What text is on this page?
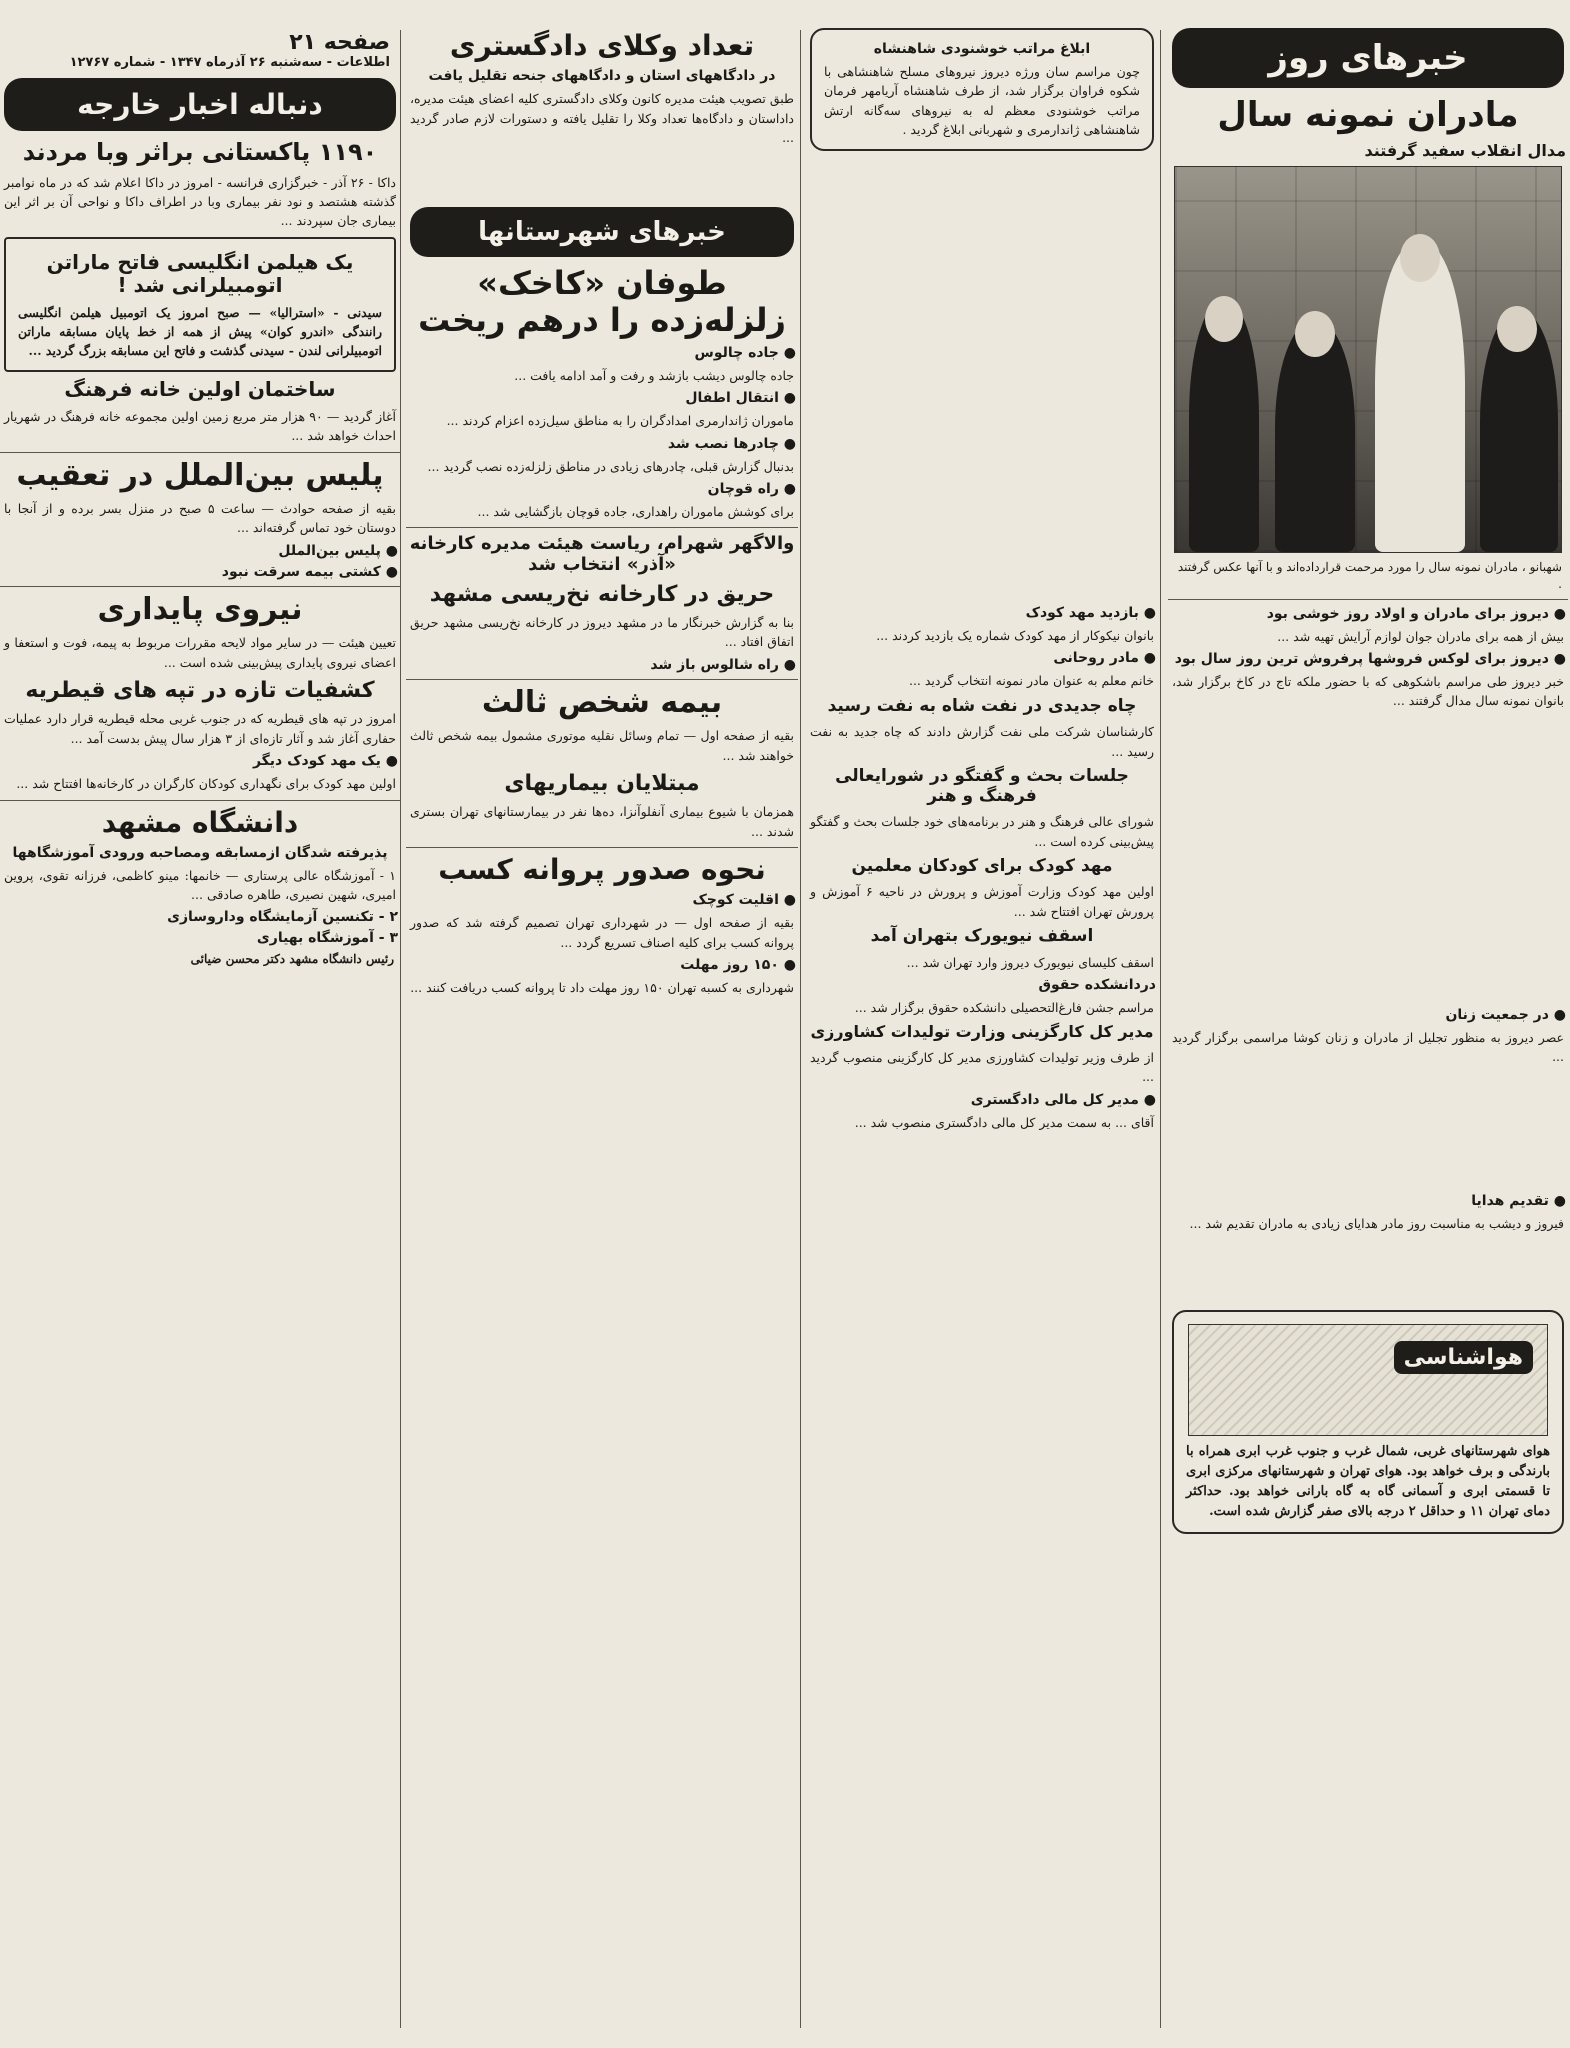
خبرهای روز
مادران نمونه سال
مدال انقلاب سفید گرفتند
شهبانو ، مادران نمونه سال را مورد مرحمت قرارداده‌اند و با آنها عکس گرفتند .
● دیروز برای مادران و اولاد روز خوشی بود
بیش از همه برای مادران جوان لوازم آرایش تهیه شد ...
● دیروز برای لوکس فروشها پرفروش ترین روز سال بود
خبر دیروز طی مراسم باشکوهی که با حضور ملکه تاج در کاخ برگزار شد، بانوان نمونه سال مدال گرفتند ...
● در جمعیت زنان
عصر دیروز به منظور تجلیل از مادران و زنان کوشا مراسمی برگزار گردید ...
● تقدیم هدایا
فیروز و دیشب به مناسبت روز مادر هدایای زیادی به مادران تقدیم شد ...
هواشناسی
هوای شهرستانهای غربی، شمال غرب و جنوب غرب ابری همراه با بارندگی و برف خواهد بود. هوای تهران و شهرستانهای مرکزی ابری تا قسمتی ابری و آسمانی گاه به گاه بارانی خواهد بود. حداکثر دمای تهران ۱۱ و حداقل ۲ درجه بالای صفر گزارش شده است.
ابلاغ مراتب خوشنودی شاهنشاه
چون مراسم سان ورژه دیروز نیروهای مسلح شاهنشاهی با شکوه فراوان برگزار شد، از طرف شاهنشاه آریامهر فرمان مراتب خوشنودی معظم له به نیروهای سه‌گانه ارتش شاهنشاهی ژاندارمری و شهربانی ابلاغ گردید .
● بازدید مهد کودک
بانوان نیکوکار از مهد کودک شماره یک بازدید کردند ...
● مادر روحانی
خانم معلم به عنوان مادر نمونه انتخاب گردید ...
چاه جدیدی در نفت شاه به نفت رسید
کارشناسان شرکت ملی نفت گزارش دادند که چاه جدید به نفت رسید ...
جلسات بحث و گفتگو در شورایعالی فرهنگ و هنر
شورای عالی فرهنگ و هنر در برنامه‌های خود جلسات بحث و گفتگو پیش‌بینی کرده است ...
مهد کودک برای کودکان معلمین
اولین مهد کودک وزارت آموزش و پرورش در ناحیه ۶ آموزش و پرورش تهران افتتاح شد ...
اسقف نیویورک بتهران آمد
اسقف کلیسای نیویورک دیروز وارد تهران شد ...
دردانشکده حقوق
مراسم جشن فارغ‌التحصیلی دانشکده حقوق برگزار شد ...
مدیر کل کارگزینی وزارت تولیدات کشاورزی
از طرف وزیر تولیدات کشاورزی مدیر کل کارگزینی منصوب گردید ...
● مدیر کل مالی دادگستری
آقای ... به سمت مدیر کل مالی دادگستری منصوب شد ...
تعداد وکلای دادگستری
در دادگاههای استان و دادگاههای جنحه تقلیل یافت
طبق تصویب هیئت مدیره کانون وکلای دادگستری کلیه اعضای هیئت مدیره، داداستان و دادگاه‌ها تعداد وکلا را تقلیل یافته و دستورات لازم صادر گردید ...
خبرهای شهرستانها
طوفان «کاخک» زلزله‌زده را درهم ریخت
● جاده چالوس
جاده چالوس دیشب بازشد و رفت و آمد ادامه یافت ...
● انتقال اطفال
ماموران ژاندارمری امدادگران را به مناطق سیل‌زده اعزام کردند ...
● چادرها نصب شد
بدنبال گزارش قبلی، چادرهای زیادی در مناطق زلزله‌زده نصب گردید ...
● راه قوچان
برای کوشش ماموران راهداری، جاده قوچان بازگشایی شد ...
والاگهر شهرام، ریاست هیئت مدیره کارخانه «آذر» انتخاب شد
حریق در کارخانه نخ‌ریسی مشهد
بنا به گزارش خبرنگار ما در مشهد دیروز در کارخانه نخ‌ریسی مشهد حریق اتفاق افتاد ...
● راه شالوس باز شد
بیمه شخص ثالث
بقیه از صفحه اول — تمام وسائل نقلیه موتوری مشمول بیمه شخص ثالث خواهند شد ...
مبتلایان بیماریهای
همزمان با شیوع بیماری آنفلوآنزا، ده‌ها نفر در بیمارستانهای تهران بستری شدند ...
نحوه صدور پروانه کسب
● اقلیت کوچک
بقیه از صفحه اول — در شهرداری تهران تصمیم گرفته شد که صدور پروانه کسب برای کلیه اصناف تسریع گردد ...
● ۱۵۰ روز مهلت
شهرداری به کسبه تهران ۱۵۰ روز مهلت داد تا پروانه کسب دریافت کنند ...
صفحه ۲۱
اطلاعات - سه‌شنبه ۲۶ آذرماه ۱۳۴۷ - شماره ۱۲۷۶۷
دنباله اخبار خارجه
۱۱۹۰ پاکستانی براثر وبا مردند
داکا - ۲۶ آذر - خبرگزاری فرانسه - امروز در داکا اعلام شد که در ماه نوامبر گذشته هشتصد و نود نفر بیماری وبا در اطراف داکا و نواحی آن بر اثر این بیماری جان سپردند ...
یک هیلمن انگلیسی فاتح ماراتن اتومبیلرانی شد !
سیدنی - «استرالیا» — صبح امروز یک اتومبیل هیلمن انگلیسی رانندگی «اندرو کوان» پیش از همه از خط پایان مسابقه ماراتن اتومبیلرانی لندن - سیدنی گذشت و فاتح این مسابقه بزرگ گردید ...
ساختمان اولین خانه فرهنگ
آغاز گردید — ۹۰ هزار متر مربع زمین اولین مجموعه خانه فرهنگ در شهریار احداث خواهد شد ...
پلیس بین‌الملل در تعقیب
بقیه از صفحه حوادث — ساعت ۵ صبح در منزل بسر برده و از آنجا با دوستان خود تماس گرفته‌اند ...
● پلیس بین‌الملل
● کشتی بیمه سرقت نبود
نیروی پایداری
تعیین هیئت — در سایر مواد لایحه مقررات مربوط به پیمه، فوت و استعفا و اعضای نیروی پایداری پیش‌بینی شده است ...
کشفیات تازه در تپه های قیطریه
امروز در تپه های قیطریه که در جنوب غربی محله قیطریه قرار دارد عملیات حفاری آغاز شد و آثار تازه‌ای از ۳ هزار سال پیش بدست آمد ...
● یک مهد کودک دیگر
اولین مهد کودک برای نگهداری کودکان کارگران در کارخانه‌ها افتتاح شد ...
دانشگاه مشهد
پذیرفته شدگان ازمسابقه ومصاحبه ورودی آموزشگاهها
۱ - آموزشگاه عالی پرستاری — خانمها: مینو کاظمی، فرزانه تقوی، پروین امیری، شهین نصیری، طاهره صادقی ...
۲ - تکنسین آزمایشگاه وداروسازی
۳ - آموزشگاه بهیاری
رئیس دانشگاه مشهد دکتر محسن ضیائی
